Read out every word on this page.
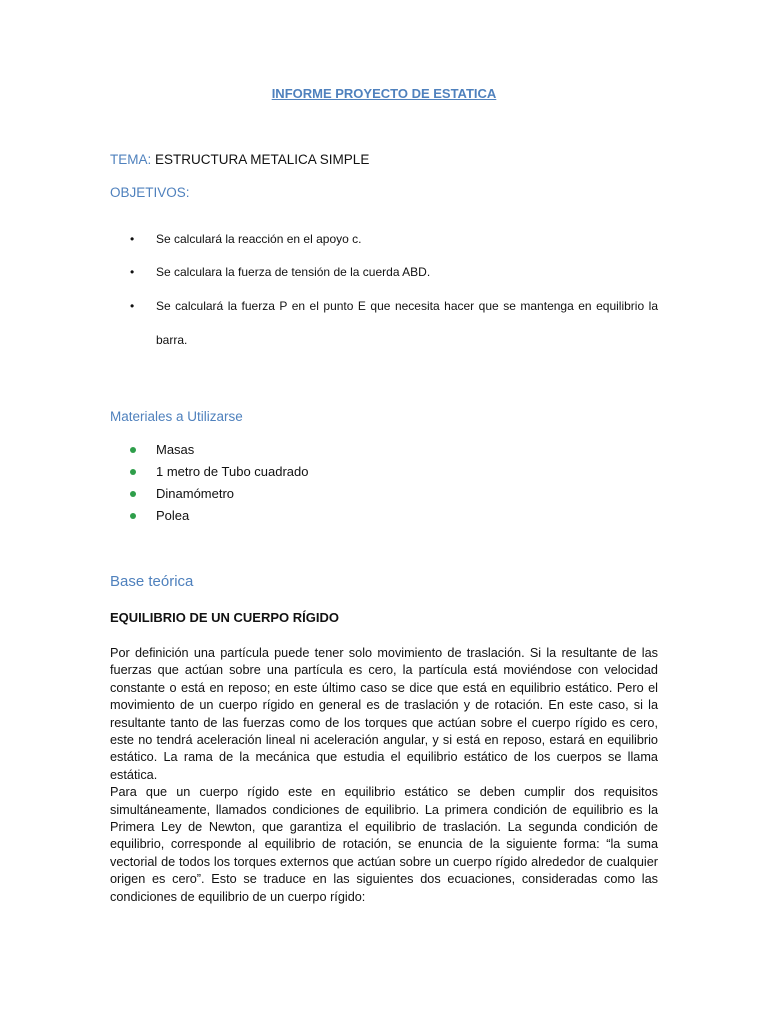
INFORME PROYECTO DE ESTATICA
TEMA: ESTRUCTURA METALICA SIMPLE
OBJETIVOS:
• Se calculará la reacción en el apoyo c.
• Se calculara la fuerza de tensión de la cuerda ABD.
• Se calculará la fuerza P en el punto E que necesita hacer que se mantenga en equilibrio la barra.
Materiales a Utilizarse
Masas
1 metro de Tubo cuadrado
Dinamómetro
Polea
Base teórica
EQUILIBRIO DE UN CUERPO RÍGIDO

Por definición una partícula puede tener solo movimiento de traslación. Si la resultante de las fuerzas que actúan sobre una partícula es cero, la partícula está moviéndose con velocidad constante o está en reposo; en este último caso se dice que está en equilibrio estático. Pero el movimiento de un cuerpo rígido en general es de traslación y de rotación. En este caso, si la resultante tanto de las fuerzas como de los torques que actúan sobre el cuerpo rígido es cero, este no tendrá aceleración lineal ni aceleración angular, y si está en reposo, estará en equilibrio estático. La rama de la mecánica que estudia el equilibrio estático de los cuerpos se llama estática.

Para que un cuerpo rígido este en equilibrio estático se deben cumplir dos requisitos simultáneamente, llamados condiciones de equilibrio. La primera condición de equilibrio es la Primera Ley de Newton, que garantiza el equilibrio de traslación. La segunda condición de equilibrio, corresponde al equilibrio de rotación, se enuncia de la siguiente forma: “la suma vectorial de todos los torques externos que actúan sobre un cuerpo rígido alrededor de cualquier origen es cero”. Esto se traduce en las siguientes dos ecuaciones, consideradas como las condiciones de equilibrio de un cuerpo rígido:
